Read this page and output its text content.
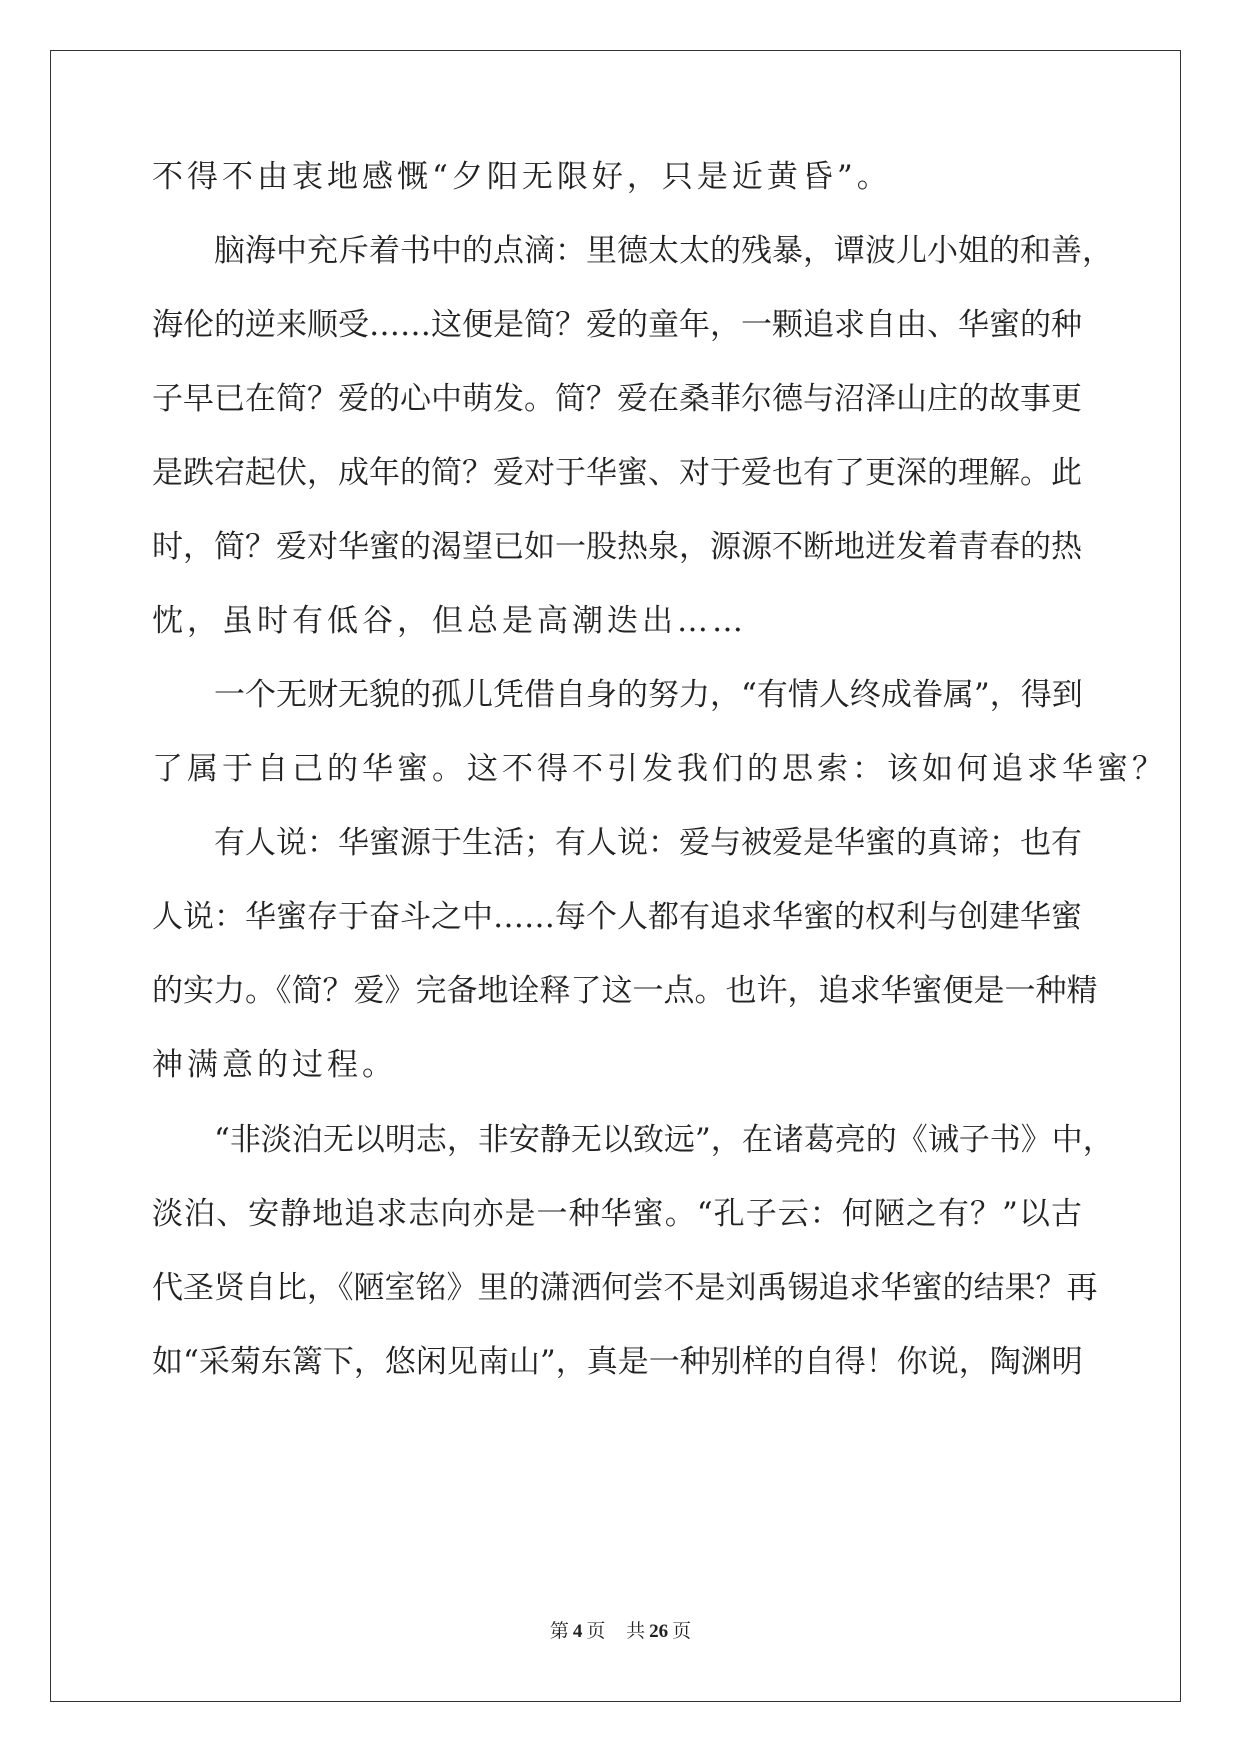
不得不由衷地感慨“夕阳无限好，只是近黄昏”。

脑海中充斥着书中的点滴：里德太太的残暴，谭波儿小姐的和善，

海伦的逆来顺受……这便是简？爱的童年，一颗追求自由、华蜜的种

子早已在简？爱的心中萌发。简？爱在桑菲尔德与沼泽山庄的故事更

是跌宕起伏，成年的简？爱对于华蜜、对于爱也有了更深的理解。此

时，简？爱对华蜜的渴望已如一股热泉，源源不断地迸发着青春的热

忱，虽时有低谷，但总是高潮迭出……

一个无财无貌的孤儿凭借自身的努力，“有情人终成眷属”，得到

了属于自己的华蜜。这不得不引发我们的思索：该如何追求华蜜？

有人说：华蜜源于生活；有人说：爱与被爱是华蜜的真谛；也有

人说：华蜜存于奋斗之中……每个人都有追求华蜜的权利与创建华蜜

的实力。《简？爱》完备地诠释了这一点。也许，追求华蜜便是一种精

神满意的过程。

“非淡泊无以明志，非安静无以致远”，在诸葛亮的《诫子书》中，

淡泊、安静地追求志向亦是一种华蜜。“孔子云：何陋之有？”以古

代圣贤自比，《陋室铭》里的潇洒何尝不是刘禹锡追求华蜜的结果？再

如“采菊东篱下，悠闲见南山”，真是一种别样的自得！你说，陶渊明

第 4 页 共 26 页
